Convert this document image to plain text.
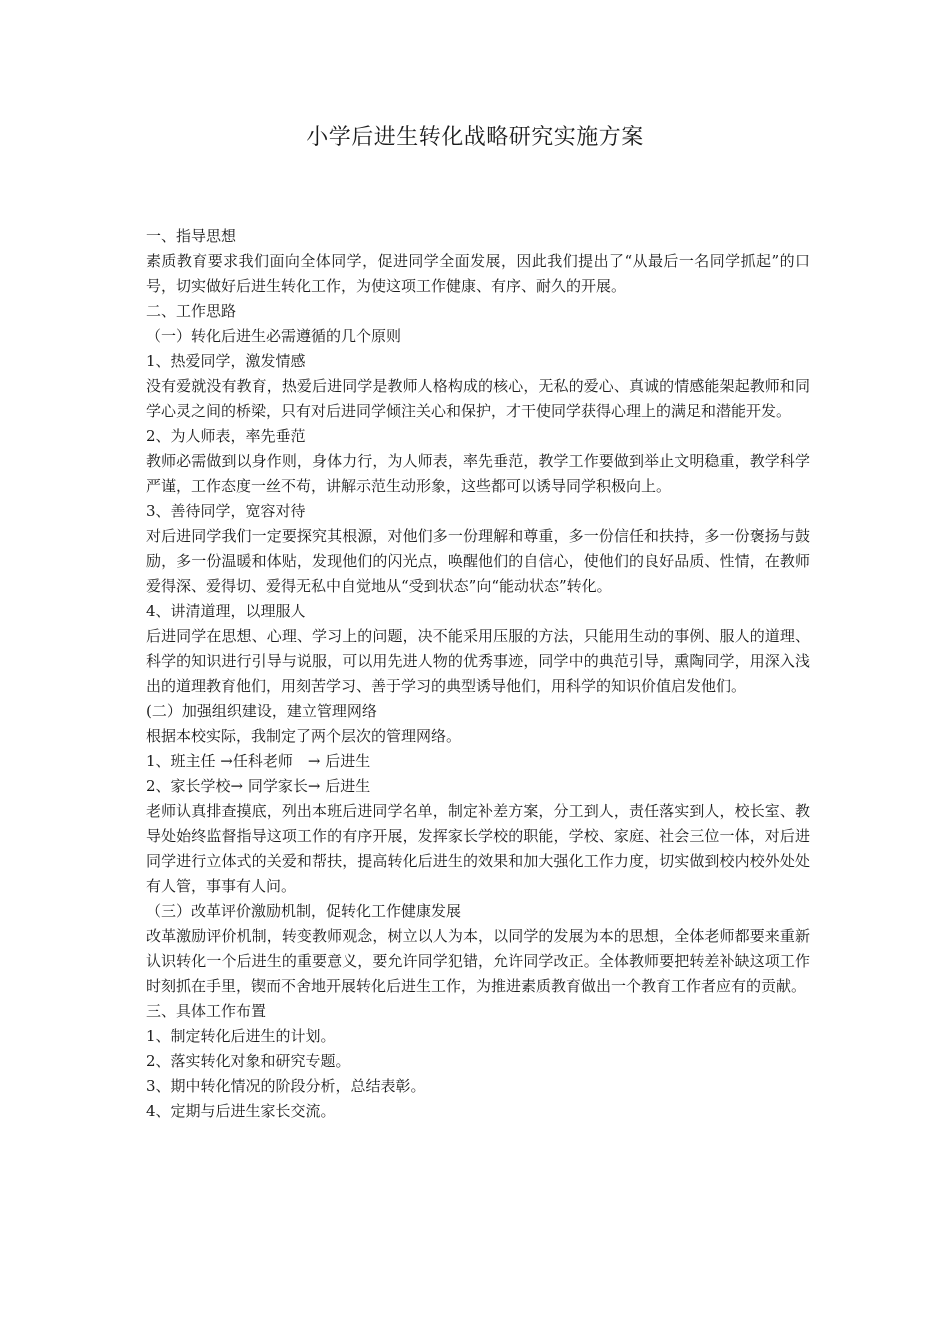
小学后进生转化战略研究实施方案

一、指导思想

素质教育要求我们面向全体同学，促进同学全面发展，因此我们提出了“从最后一名同学抓起”的口号，切实做好后进生转化工作，为使这项工作健康、有序、耐久的开展。

二、工作思路

（一）转化后进生必需遵循的几个原则

1、热爱同学，激发情感

没有爱就没有教育，热爱后进同学是教师人格构成的核心，无私的爱心、真诚的情感能架起教师和同学心灵之间的桥梁，只有对后进同学倾注关心和保护，才干使同学获得心理上的满足和潜能开发。

2、为人师表，率先垂范

教师必需做到以身作则，身体力行，为人师表，率先垂范，教学工作要做到举止文明稳重，教学科学严谨，工作态度一丝不苟，讲解示范生动形象，这些都可以诱导同学积极向上。

3、善待同学，宽容对待

对后进同学我们一定要探究其根源，对他们多一份理解和尊重，多一份信任和扶持，多一份褒扬与鼓励，多一份温暖和体贴，发现他们的闪光点，唤醒他们的自信心，使他们的良好品质、性情，在教师爱得深、爱得切、爱得无私中自觉地从“受到状态”向“能动状态”转化。

4、讲清道理，以理服人

后进同学在思想、心理、学习上的问题，决不能采用压服的方法，只能用生动的事例、服人的道理、科学的知识进行引导与说服，可以用先进人物的优秀事迹，同学中的典范引导，熏陶同学，用深入浅出的道理教育他们，用刻苦学习、善于学习的典型诱导他们，用科学的知识价值启发他们。

(二）加强组织建设，建立管理网络

根据本校实际，我制定了两个层次的管理网络。

1、班主任 →任科老师　→ 后进生

2、家长学校→ 同学家长→ 后进生

老师认真排查摸底，列出本班后进同学名单，制定补差方案，分工到人，责任落实到人，校长室、教导处始终监督指导这项工作的有序开展，发挥家长学校的职能，学校、家庭、社会三位一体，对后进同学进行立体式的关爱和帮扶，提高转化后进生的效果和加大强化工作力度，切实做到校内校外处处有人管，事事有人问。

（三）改革评价激励机制，促转化工作健康发展

改革激励评价机制，转变教师观念，树立以人为本，以同学的发展为本的思想，全体老师都要来重新认识转化一个后进生的重要意义，要允许同学犯错，允许同学改正。全体教师要把转差补缺这项工作时刻抓在手里，锲而不舍地开展转化后进生工作，为推进素质教育做出一个教育工作者应有的贡献。

三、具体工作布置

1、制定转化后进生的计划。

2、落实转化对象和研究专题。

3、期中转化情况的阶段分析，总结表彰。

4、定期与后进生家长交流。
